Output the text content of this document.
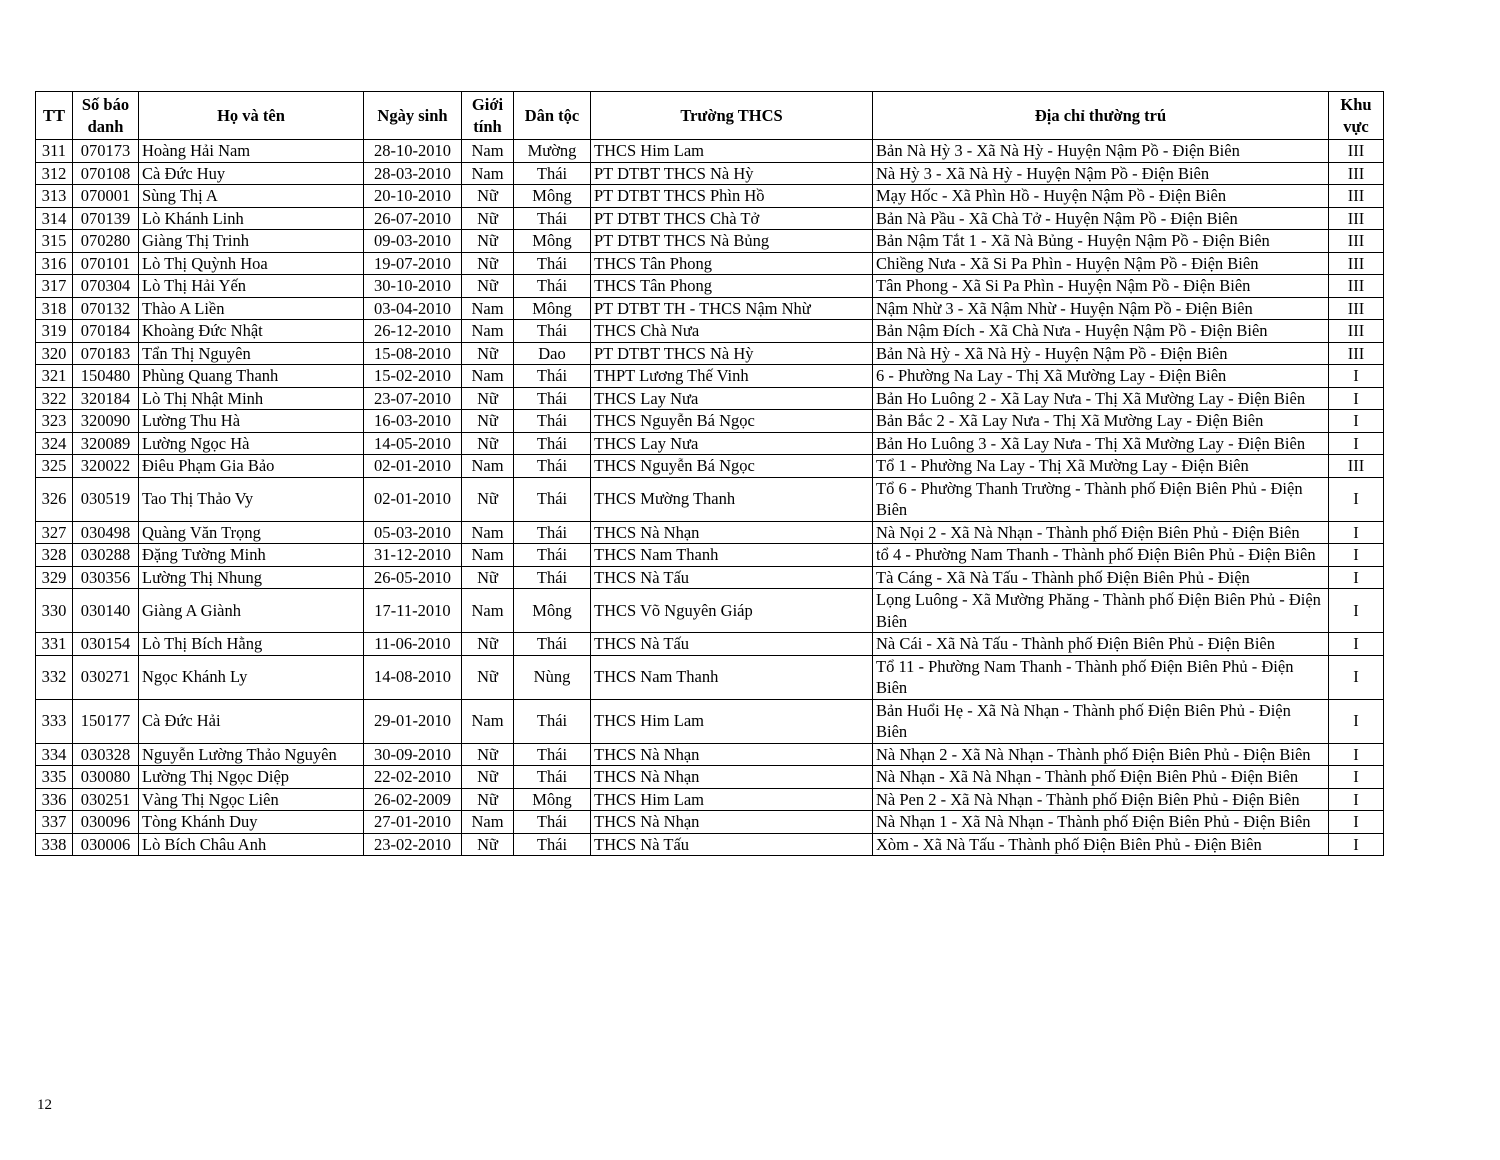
TT	Số báo danh	Họ và tên	Ngày sinh	Giới tính	Dân tộc	Trường THCS	Địa chỉ thường trú	Khu vực
311	070173	Hoàng Hải Nam	28-10-2010	Nam	Mường	THCS Him Lam	Bản Nà Hỳ 3 - Xã Nà Hỳ - Huyện Nậm Pồ - Điện Biên	III
312	070108	Cà Đức Huy	28-03-2010	Nam	Thái	PT DTBT THCS Nà Hỳ	Nà Hỳ 3 - Xã Nà Hỳ - Huyện Nậm Pồ - Điện Biên	III
313	070001	Sùng Thị A	20-10-2010	Nữ	Mông	PT DTBT THCS Phìn Hồ	Mạy Hốc - Xã Phìn Hồ - Huyện Nậm Pồ - Điện Biên	III
314	070139	Lò Khánh Linh	26-07-2010	Nữ	Thái	PT DTBT THCS Chà Tở	Bản Nà Pầu - Xã Chà Tở - Huyện Nậm Pồ - Điện Biên	III
315	070280	Giàng Thị Trinh	09-03-2010	Nữ	Mông	PT DTBT THCS Nà Bủng	Bản Nậm Tắt 1 - Xã Nà Bủng - Huyện Nậm Pồ - Điện Biên	III
316	070101	Lò Thị Quỳnh Hoa	19-07-2010	Nữ	Thái	THCS Tân Phong	Chiềng Nưa - Xã Si Pa Phìn - Huyện Nậm Pồ - Điện Biên	III
317	070304	Lò Thị Hải Yến	30-10-2010	Nữ	Thái	THCS Tân Phong	Tân Phong - Xã Si Pa Phìn - Huyện Nậm Pồ - Điện Biên	III
318	070132	Thào A Liền	03-04-2010	Nam	Mông	PT DTBT TH - THCS Nậm Nhừ	Nậm Nhừ 3 - Xã Nậm Nhừ - Huyện Nậm Pồ - Điện Biên	III
319	070184	Khoàng Đức Nhật	26-12-2010	Nam	Thái	THCS Chà Nưa	Bản Nậm Đích - Xã Chà Nưa - Huyện Nậm Pồ - Điện Biên	III
320	070183	Tẩn Thị Nguyên	15-08-2010	Nữ	Dao	PT DTBT THCS Nà Hỳ	Bản Nà Hỳ - Xã Nà Hỳ - Huyện Nậm Pồ - Điện Biên	III
321	150480	Phùng Quang Thanh	15-02-2010	Nam	Thái	THPT Lương Thế Vinh	6 - Phường Na Lay - Thị Xã Mường Lay - Điện Biên	I
322	320184	Lò Thị Nhật Minh	23-07-2010	Nữ	Thái	THCS Lay Nưa	Bản Ho Luông 2 - Xã Lay Nưa - Thị Xã Mường Lay - Điện Biên	I
323	320090	Lường Thu Hà	16-03-2010	Nữ	Thái	THCS Nguyễn Bá Ngọc	Bản Bắc 2 - Xã Lay Nưa - Thị Xã Mường Lay - Điện Biên	I
324	320089	Lường Ngọc Hà	14-05-2010	Nữ	Thái	THCS Lay Nưa	Bản Ho Luông 3 - Xã Lay Nưa - Thị Xã Mường Lay - Điện Biên	I
325	320022	Điêu Phạm Gia Bảo	02-01-2010	Nam	Thái	THCS Nguyễn Bá Ngọc	Tổ 1 - Phường Na Lay - Thị Xã Mường Lay - Điện Biên	III
326	030519	Tao Thị Thảo Vy	02-01-2010	Nữ	Thái	THCS Mường Thanh	Tổ 6 - Phường Thanh Trường - Thành phố Điện Biên Phủ - Điện Biên	I
327	030498	Quàng Văn Trọng	05-03-2010	Nam	Thái	THCS Nà Nhạn	Nà Nọi 2 - Xã Nà Nhạn - Thành phố Điện Biên Phủ - Điện Biên	I
328	030288	Đặng Tường Minh	31-12-2010	Nam	Thái	THCS Nam Thanh	tổ 4 - Phường Nam Thanh - Thành phố Điện Biên Phủ - Điện Biên	I
329	030356	Lường Thị Nhung	26-05-2010	Nữ	Thái	THCS Nà Tấu	Tà Cáng - Xã Nà Tấu - Thành phố Điện Biên Phủ - Điện	I
330	030140	Giàng A Giành	17-11-2010	Nam	Mông	THCS Võ Nguyên Giáp	Lọng Luông - Xã Mường Phăng - Thành phố Điện Biên Phủ - Điện Biên	I
331	030154	Lò Thị Bích Hằng	11-06-2010	Nữ	Thái	THCS Nà Tấu	Nà Cái - Xã Nà Tấu - Thành phố Điện Biên Phủ - Điện Biên	I
332	030271	Ngọc Khánh Ly	14-08-2010	Nữ	Nùng	THCS Nam Thanh	Tổ 11 - Phường Nam Thanh - Thành phố Điện Biên Phủ - Điện Biên	I
333	150177	Cà Đức Hải	29-01-2010	Nam	Thái	THCS Him Lam	Bản Huổi Hẹ - Xã Nà Nhạn - Thành phố Điện Biên Phủ - Điện Biên	I
334	030328	Nguyễn Lường Thảo Nguyên	30-09-2010	Nữ	Thái	THCS Nà Nhạn	Nà Nhạn 2 - Xã Nà Nhạn - Thành phố Điện Biên Phủ - Điện Biên	I
335	030080	Lường Thị Ngọc Diệp	22-02-2010	Nữ	Thái	THCS Nà Nhạn	Nà Nhạn - Xã Nà Nhạn - Thành phố Điện Biên Phủ - Điện Biên	I
336	030251	Vàng Thị Ngọc Liên	26-02-2009	Nữ	Mông	THCS Him Lam	Nà Pen 2 - Xã Nà Nhạn - Thành phố Điện Biên Phủ - Điện Biên	I
337	030096	Tòng Khánh Duy	27-01-2010	Nam	Thái	THCS Nà Nhạn	Nà Nhạn 1 - Xã Nà Nhạn - Thành phố Điện Biên Phủ - Điện Biên	I
338	030006	Lò Bích Châu Anh	23-02-2010	Nữ	Thái	THCS Nà Tấu	Xòm - Xã Nà Tấu - Thành phố Điện Biên Phủ - Điện Biên	I
12
